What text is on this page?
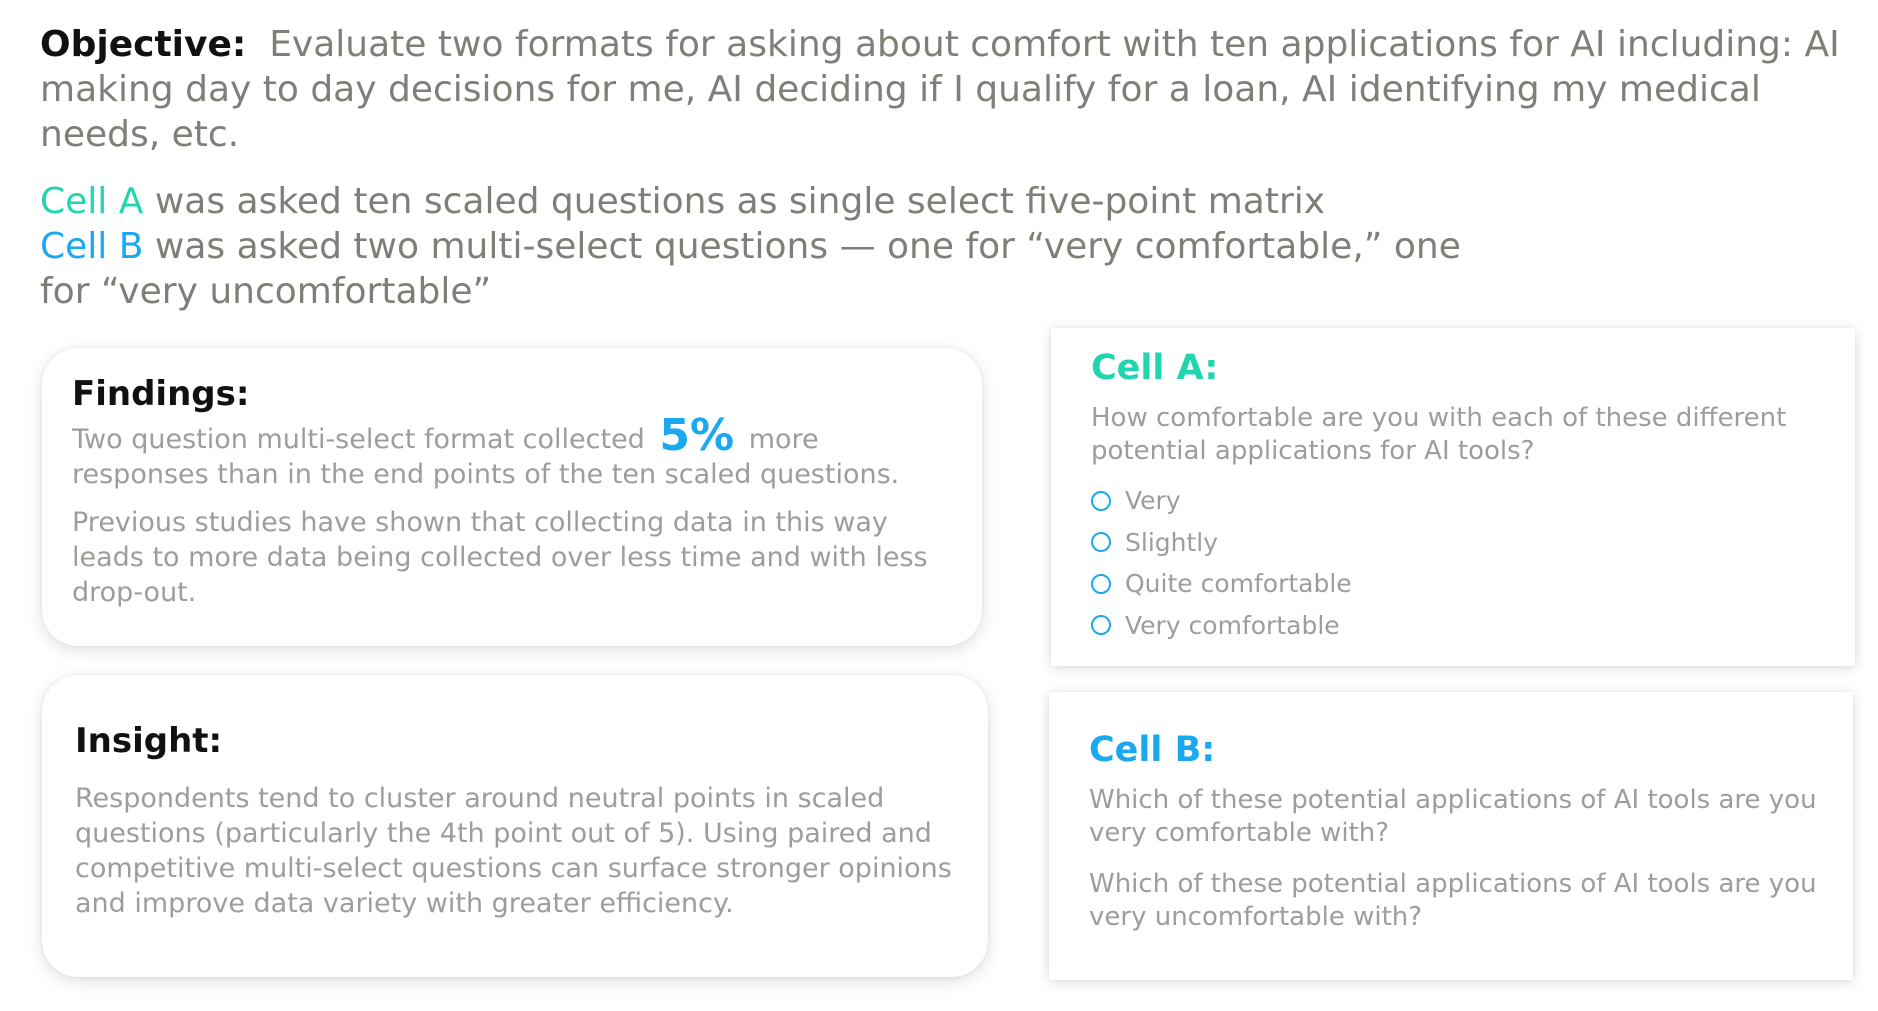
Objective: Evaluate two formats for asking about comfort with ten applications for AI including: AI making day to day decisions for me, AI deciding if I qualify for a loan, AI identifying my medical needs, etc.

Cell A was asked ten scaled questions as single select five-point matrix

Cell B was asked two multi-select questions — one for “very comfortable,” one for “very uncomfortable”

Findings:

Two question multi-select format collected 5% more responses than in the end points of the ten scaled questions.

Previous studies have shown that collecting data in this way leads to more data being collected over less time and with less drop-out.

Insight:

Respondents tend to cluster around neutral points in scaled questions (particularly the 4th point out of 5). Using paired and competitive multi-select questions can surface stronger opinions and improve data variety with greater efficiency.

Cell A:

How comfortable are you with each of these different potential applications for AI tools?

Very
Slightly
Quite comfortable
Very comfortable
Cell B:

Which of these potential applications of AI tools are you very comfortable with?

Which of these potential applications of AI tools are you very uncomfortable with?
